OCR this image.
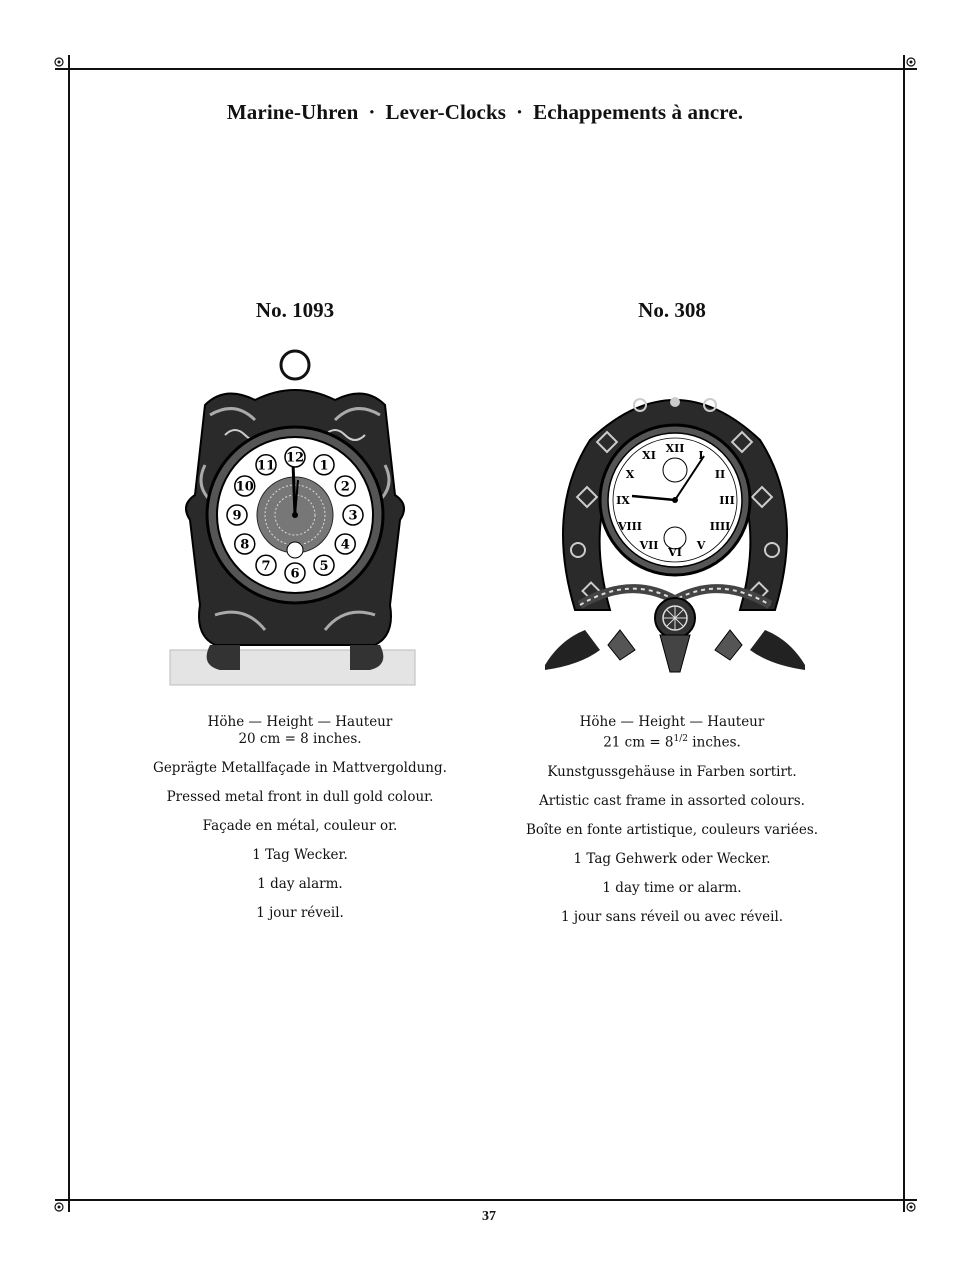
Marine-Uhren · Lever-Clocks · Echappements à ancre.
No. 1093	No. 308
12
1
2
3
4
5
6
7
8
9
10
11
XII
I
II
III
IIII
V
VI
VII
VIII
IX
X
XI

Höhe — Height — Hauteur

20 cm = 8 inches.

Geprägte Metallfaçade in Mattvergoldung.

Pressed metal front in dull gold colour.

Façade en métal, couleur or.

1 Tag Wecker.

1 day alarm.

1 jour réveil.

Höhe — Height — Hauteur

21 cm = $8^{1/2}$ inches.

Kunstgussgehäuse in Farben sortirt.

Artistic cast frame in assorted colours.

Boîte en fonte artistique, couleurs variées.

1 Tag Gehwerk oder Wecker.

1 day time or alarm.

1 jour sans réveil ou avec réveil.

37
